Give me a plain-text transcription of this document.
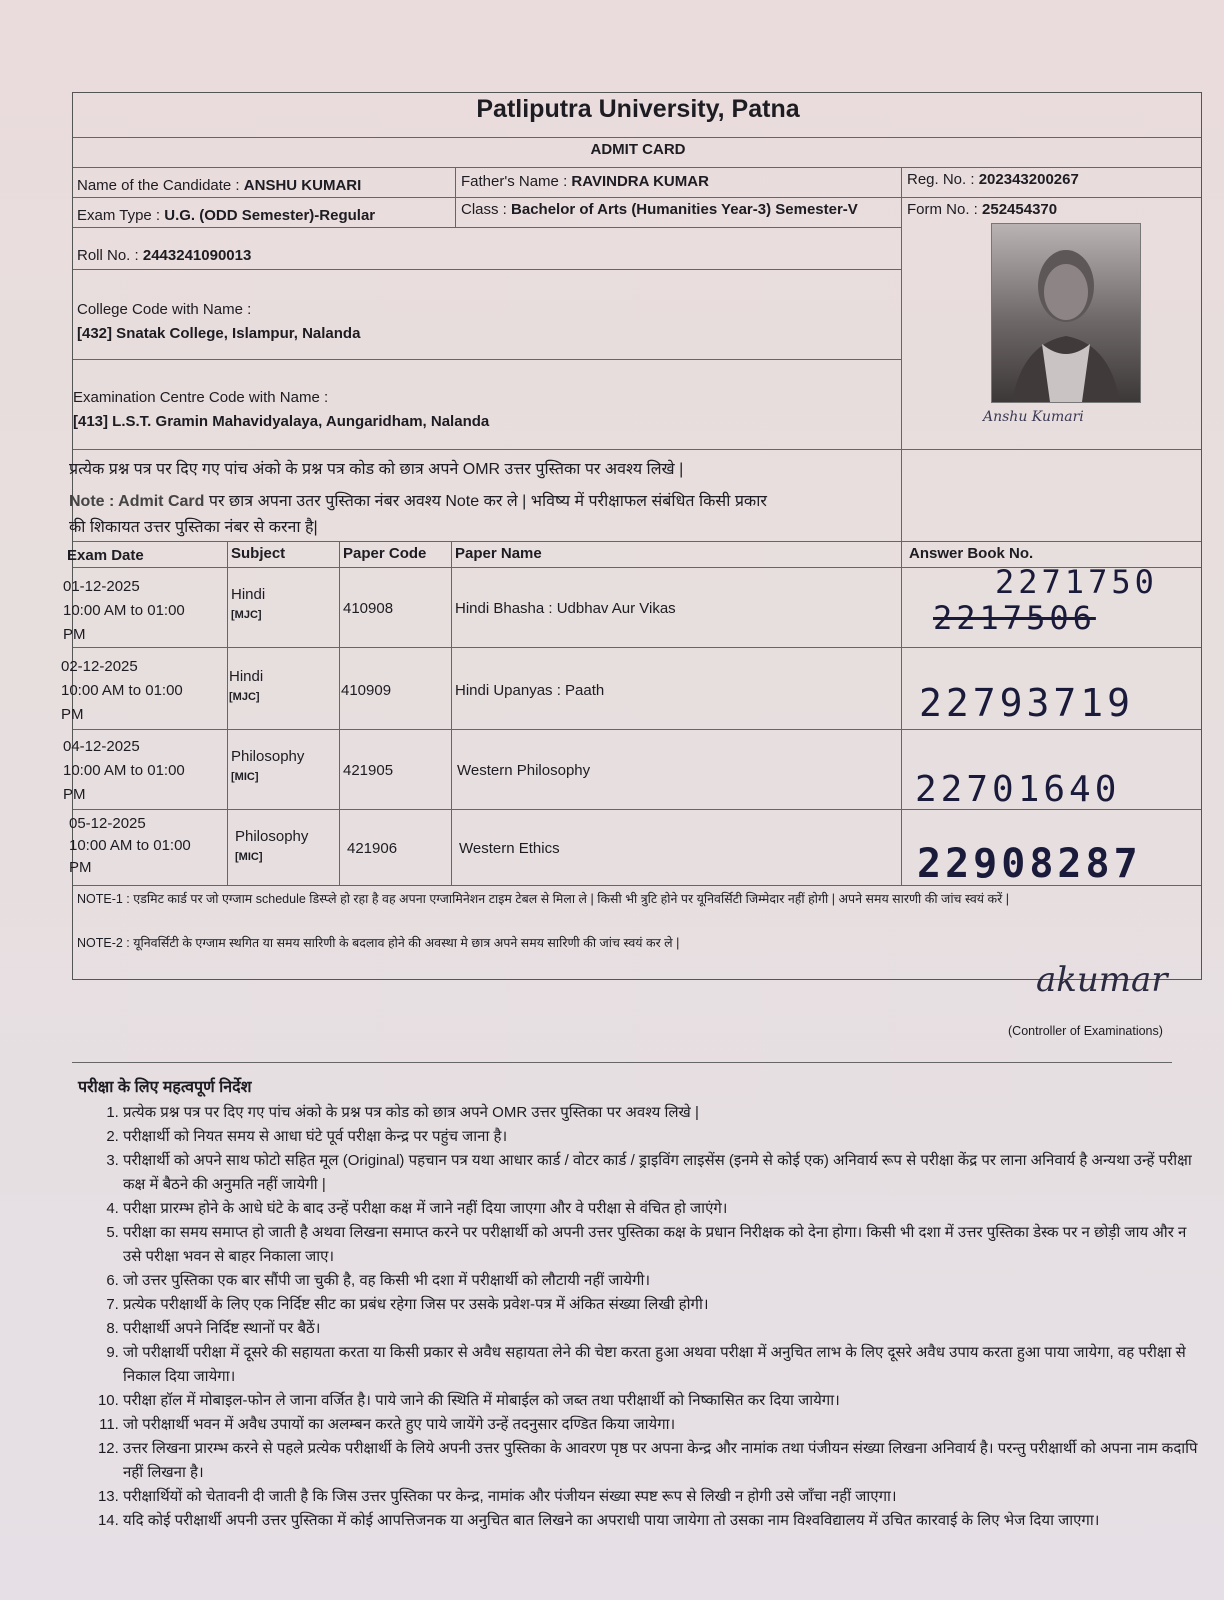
Patliputra University, Patna
ADMIT CARD
Name of the Candidate : ANSHU KUMARI	Father's Name : RAVINDRA KUMAR	Reg. No. : 202343200267
Exam Type : U.G. (ODD Semester)-Regular	Class : Bachelor of Arts (Humanities Year-3) Semester-V	Form No. : 252454370
Roll No. : 2443241090013
College Code with Name :
[432] Snatak College, Islampur, Nalanda
Examination Centre Code with Name :
[413] L.S.T. Gramin Mahavidyalaya, Aungaridham, Nalanda	Anshu Kumari
प्रत्येक प्रश्न पत्र पर दिए गए पांच अंको के प्रश्न पत्र कोड को छात्र अपने OMR उत्तर पुस्तिका पर अवश्य लिखे |
Note : Admit Card पर छात्र अपना उतर पुस्तिका नंबर अवश्य Note कर ले | भविष्य में परीक्षाफल संबंधित किसी प्रकार
की शिकायत उत्तर पुस्तिका नंबर से करना है|
Exam Date	Subject	Paper Code Paper Name	Answer Book No.
01-12-2025
10:00 AM to 01:00
PM
Hindi
[MJC]	410908	Hindi Bhasha : Udbhav Aur Vikas
2271750
2217506
02-12-2025
10:00 AM to 01:00
PM
Hindi
[MJC]	410909	Hindi Upanyas : Paath	22793719
04-12-2025
10:00 AM to 01:00
PM
Philosophy
[MIC]	421905	Western Philosophy	22701640
05-12-2025
10:00 AM to 01:00
PM
Philosophy
[MIC]	421906	Western Ethics	22908287
NOTE-1 : एडमिट कार्ड पर जो एग्जाम schedule डिस्प्ले हो रहा है वह अपना एग्जामिनेशन टाइम टेबल से मिला ले | किसी भी त्रुटि होने पर यूनिवर्सिटी जिम्मेदार नहीं होगी | अपने समय सारणी की जांच स्वयं करें |
NOTE-2 : यूनिवर्सिटी के एग्जाम स्थगित या समय सारिणी के बदलाव होने की अवस्था मे छात्र अपने समय सारिणी की जांच स्वयं कर ले |
akumar
(Controller of Examinations)
परीक्षा के लिए महत्वपूर्ण निर्देश
1. प्रत्येक प्रश्न पत्र पर दिए गए पांच अंको के प्रश्न पत्र कोड को छात्र अपने OMR उत्तर पुस्तिका पर अवश्य लिखे |
2. परीक्षार्थी को नियत समय से आधा घंटे पूर्व परीक्षा केन्द्र पर पहुंच जाना है।
3. परीक्षार्थी को अपने साथ फोटो सहित मूल (Original) पहचान पत्र यथा आधार कार्ड / वोटर कार्ड / ड्राइविंग लाइसेंस (इनमे से कोई एक) अनिवार्य रूप से परीक्षा केंद्र पर लाना अनिवार्य है अन्यथा उन्हें परीक्षा कक्ष में बैठने की अनुमति नहीं जायेगी |
4. परीक्षा प्रारम्भ होने के आधे घंटे के बाद उन्हें परीक्षा कक्ष में जाने नहीं दिया जाएगा और वे परीक्षा से वंचित हो जाएंगे।
5. परीक्षा का समय समाप्त हो जाती है अथवा लिखना समाप्त करने पर परीक्षार्थी को अपनी उत्तर पुस्तिका कक्ष के प्रधान निरीक्षक को देना होगा। किसी भी दशा में उत्तर पुस्तिका डेस्क पर न छोड़ी जाय और न उसे परीक्षा भवन से बाहर निकाला जाए।
6. जो उत्तर पुस्तिका एक बार सौंपी जा चुकी है, वह किसी भी दशा में परीक्षार्थी को लौटायी नहीं जायेगी।
7. प्रत्येक परीक्षार्थी के लिए एक निर्दिष्ट सीट का प्रबंध रहेगा जिस पर उसके प्रवेश-पत्र में अंकित संख्या लिखी होगी।
8. परीक्षार्थी अपने निर्दिष्ट स्थानों पर बैठें।
9. जो परीक्षार्थी परीक्षा में दूसरे की सहायता करता या किसी प्रकार से अवैध सहायता लेने की चेष्टा करता हुआ अथवा परीक्षा में अनुचित लाभ के लिए दूसरे अवैध उपाय करता हुआ पाया जायेगा, वह परीक्षा से निकाल दिया जायेगा।
10. परीक्षा हॉल में मोबाइल-फोन ले जाना वर्जित है। पाये जाने की स्थिति में मोबाईल को जब्त तथा परीक्षार्थी को निष्कासित कर दिया जायेगा।
11. जो परीक्षार्थी भवन में अवैध उपायों का अलम्बन करते हुए पाये जायेंगे उन्हें तदनुसार दण्डित किया जायेगा।
12. उत्तर लिखना प्रारम्भ करने से पहले प्रत्येक परीक्षार्थी के लिये अपनी उत्तर पुस्तिका के आवरण पृष्ठ पर अपना केन्द्र और नामांक तथा पंजीयन संख्या लिखना अनिवार्य है। परन्तु परीक्षार्थी को अपना नाम कदापि नहीं लिखना है।
13. परीक्षार्थियों को चेतावनी दी जाती है कि जिस उत्तर पुस्तिका पर केन्द्र, नामांक और पंजीयन संख्या स्पष्ट रूप से लिखी न होगी उसे जाँचा नहीं जाएगा।
14. यदि कोई परीक्षार्थी अपनी उत्तर पुस्तिका में कोई आपत्तिजनक या अनुचित बात लिखने का अपराधी पाया जायेगा तो उसका नाम विश्वविद्यालय में उचित कारवाई के लिए भेज दिया जाएगा।
